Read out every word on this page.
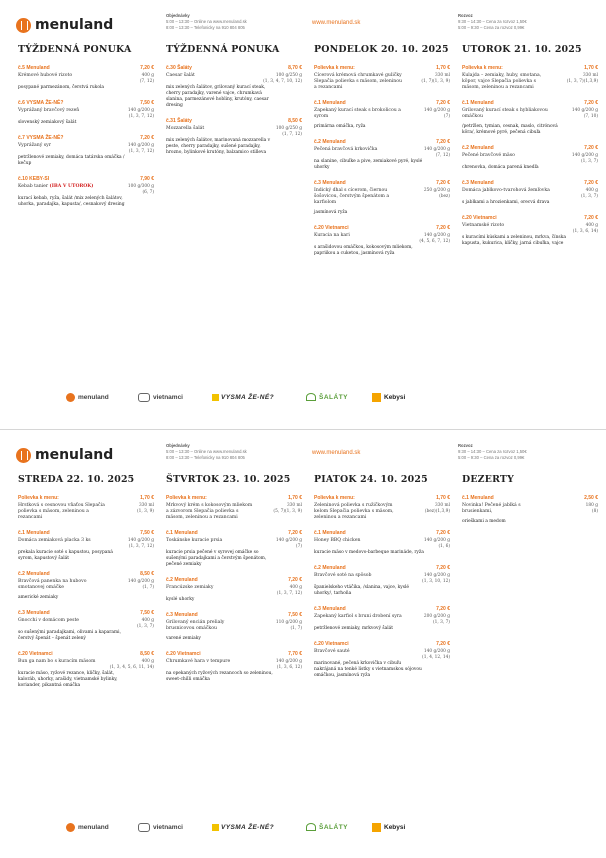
menuland
Objednávky
5:00 – 13:30 – Online na www.menuland.sk
8:00 – 13:30 – Telefonicky na 910 804 805
www.menuland.sk
Rozvoz
9:30 – 14:30 – Cena za rozvoz 1,50€
5:00 – 9:30 – Cena za rozvoz 0,99€
TÝŽDENNÁ PONUKA
č.5 Menuland	7,20 €
Krémové hubové rizoto	400 g
(7, 12)
posypané parmezánom, čerstvá rukola
č.6 VYSMA ŽE-NÉ?	7,50 €
Vyprážaný bravčový rezeň	140 g/200 g
(1, 3, 7, 12)
slovenský zemiakový šalát
č.7 VYSMA ŽE-NÉ?	7,20 €
Vyprážaný syr	140 g/200 g
(1, 3, 7, 12)
petržlenové zemiaky, domáca tatárska omáčka / kečup
č.10 KEBY-SI	7,90 €
Kebab tanier (IBA V UTOROK)	100 g/300 g
(6, 7)
kurací kebab, ryža, šalát /mix zelených šalátov, uhorka, paradajka, kapusta/, cesnakový dresing
TÝŽDENNÁ PONUKA
č.30 Šaláty	8,70 €
Caesar šalát	100 g/250 g
(1, 3, 4, 7, 10, 12)
mix zelených šalátov, grilovaný kurací steak, cherry paradajky, varené vajce, chrumkavá slanina, parmezánové hobliny, krutóny, caesar dresing
č.31 Šaláty	8,50 €
Mozzarella šalát	100 g/250 g
(1, 7, 12)
mix zelených šalátov, marinovaná mozzarella v peste, cherry paradajky, sušené paradajky, hrozno, bylinkové krutóny, balzamico stilleva
PONDELOK 20. 10. 2025
Polievka k menu:	1,70 €
Cícerová krémová chrumkavé guličky Slepačia polievka s mäsom, zeleninou a rezancami
330 ml
(1, 7)(1, 3, 9)
č.1 Menuland	7,20 €
Zapekaný kurací steak s brokolicou a syrom
140 g/200 g
(7)
primárna omáčka, ryža
č.2 Menuland	7,20 €
Pečená bravčová krkovička	140 g/200 g
(7, 12)
na slanine, cibuľke a pive, zemiakové pyré, kyslé uhorky
č.3 Menuland	7,20 €
Indický dhal s cícerom, čiernou šošovicou, čerstvým špenátom a karfiolom
250 g/200 g
(bez)
jasmínová ryža
č.20 Vietnamci	7,20 €
Kuracia na kari	140 g/200 g
(4, 5, 6, 7, 12)
s arašidovou omáčkou, kokosovým mliekom, papriikou a cuketou, jasmínová ryža
UTOROK 21. 10. 2025
Polievka k menu:	1,70 €
Kulajda – zemiaky, huby, smotana, kôpor, vajce Slepačia polievka s mäsom, zeleninou a rezancami
330 ml
(1, 3, 7)(1,3,9)
č.1 Menuland	7,20 €
Grilovaný kurací steak s hybliakovou omáčkou
140 g/200 g
(7, 10)
/petržlen, tymian, cesnak, maslo, citrónová kôra/, krémové pyré, pečená cibuľa
č.2 Menuland	7,20 €
Pečené bravčové mäso	140 g/200 g
(1, 3, 7)
chrenovka, domáca parená knedľa
č.3 Menuland	7,20 €
Domáca jablkovo-tvarohová žemľovka	400 g
(1, 3, 7)
s jablkami a hrozienkami, orecvá drava
č.20 Vietnamci	7,20 €
Vietnamské rizoto	400 g
(1, 3, 6, 14)
s kuracími kúskami a zeleninou, mrkva, čínska kapusta, kukurica, klíčky, jarná cibuľka, vajce
menuland	vietnamci	VYSMA ŽE-NÉ?	ŠALÁTY	Kebysi
menuland
Objednávky
5:00 – 13:30 – Online na www.menuland.sk
8:00 – 13:30 – Telefonicky na 910 804 805
www.menuland.sk
Rozvoz
9:30 – 14:30 – Cena za rozvoz 1,50€
5:00 – 9:30 – Cena za rozvoz 0,99€
STREDA 22. 10. 2025
Polievka k menu:	1,70 €
Hrstková s cesnovou vňaťou Slepačia polievka s mäsom, zeleninou a rezancami
330 ml
(1, 3, 9)
č.1 Menuland	7,50 €
Domáca zemiaková placka 3 ks	140 g/200 g
(1, 3, 7, 12)
prekala kuracie soté s kapustou, posypaná syrom, kapustový šalát
č.2 Menuland	8,50 €
Bravčová panenka na hubovo smotanovej omáčke
140 g/200 g
(1, 7)
americké zemiaky
č.3 Menuland	7,50 €
Gnocchi v domácom peste	400 g
(1, 3, 7)
so sušenými paradajkami, olivami a kaparami, čerstvý špenát – špenát zelený
č.20 Vietnamci	8,50 €
Bun ga nam bo s kuracím mäsom	400 g
(1, 3, 4, 5, 6, 11, 14)
kuracie mäso, ryžové rezance, klíčky, šalát, kaloráb, uhorky, arašidy, vietnamské bylinky, koriander, pikantná omáčka
ŠTVRTOK 23. 10. 2025
Polievka k menu:	1,70 €
Mrkvový krém s kokosovým mliekom a zázvorom Slepačia polievka s mäsom, zeleninou a rezancami
330 ml
(5, 7)(1, 3, 9)
č.1 Menuland	7,20 €
Toskánske kuracie prsia	140 g/200 g
(7)
kuracie prsia pečené v syrovej omáčke so sušenými paradajkami a čerstvým špenátom, pečené zemiaky
č.2 Menuland	7,20 €
Francúzske zemiaky	400 g
(1, 3, 7, 12)
kyslé uhorky
č.3 Menuland	7,50 €
Grilovaný encián prelialy brusnicovou omáčkou
110 g/200 g
(1, 7)
varené zemiaky
č.20 Vietnamci	7,70 €
Chrumkavé hara v tempure	140 g/200 g
(1, 3, 6, 12)
na opekaných ryžových rezancoch so zeleninou, sweet-chilli omáčka
PIATOK 24. 10. 2025
Polievka k menu:	1,70 €
Zeleninová polievka s ružičkovým kelom Slepačia polievka s mäsom, zeleninou a rezancami
330 ml
(bez)(1,3,9)
č.1 Menuland	7,20 €
Honey BBQ chicken	140 g/200 g
(1, 6)
kuracie mäso v medovo-barbeque marináde, ryža
č.2 Menuland	7,20 €
Bravčové soté na spôsob	140 g/200 g
(1, 3, 10, 12)
španielskeho vtáčika, /slanina, vajce, kyslé uhorky/, tarhoňa
č.3 Menuland	7,20 €
Zapekaný karfiol s bruni drobení syra	200 g/200 g
(1, 3, 7)
petržlenové zemiaky, mrkvový šalát
č.20 Vietnamci	7,20 €
Bravčové sauté	140 g/200 g
(1, 4, 12, 14)
marinované, pečená krkovička v cibuľu nakrájaná na tenké lístky s vietnamskou sójovou omáčkou, jasmínová ryža
DEZERTY
č.1 Menuland	2,50 €
Novinka! Pečené jablká s brusienkami,
180 g
(8)
orieškami a medom
menuland	vietnamci	VYSMA ŽE-NÉ?	ŠALÁTY	Kebysi
